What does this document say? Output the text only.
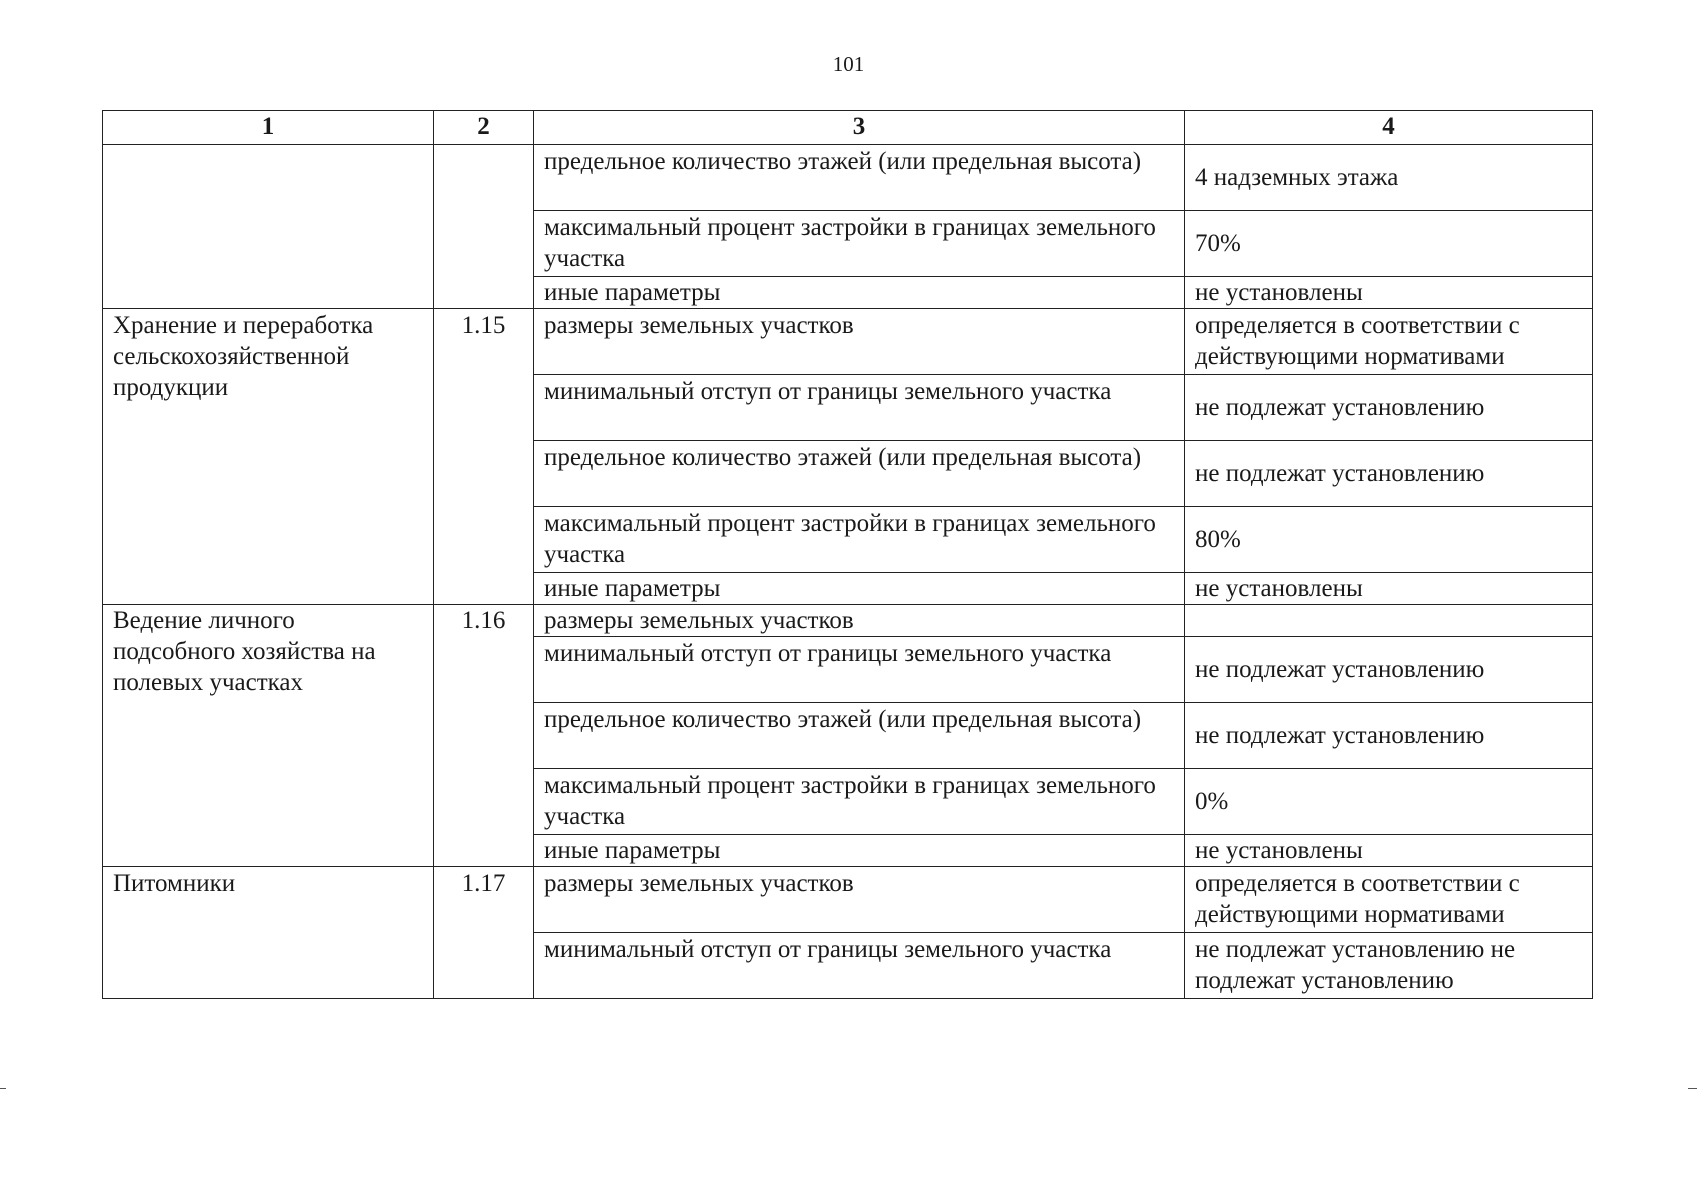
101
1	2	3	4
		предельное количество этажей (или предельная высота)	4 надземных этажа
		максимальный процент застройки в границах земельного участка	70%
		иные параметры	не установлены
Хранение и переработка сельскохозяйственной продукции	1.15	размеры земельных участков	определяется в соответствии с действующими нормативами
		минимальный отступ от границы земельного участка	не подлежат установлению
		предельное количество этажей (или предельная высота)	не подлежат установлению
		максимальный процент застройки в границах земельного участка	80%
		иные параметры	не установлены
Ведение личного подсобного хозяйства на полевых участках	1.16	размеры земельных участков	
		минимальный отступ от границы земельного участка	не подлежат установлению
		предельное количество этажей (или предельная высота)	не подлежат установлению
		максимальный процент застройки в границах земельного участка	0%
		иные параметры	не установлены
Питомники	1.17	размеры земельных участков	определяется в соответствии с действующими нормативами
		минимальный отступ от границы земельного участка	не подлежат установлению не подлежат установлению
